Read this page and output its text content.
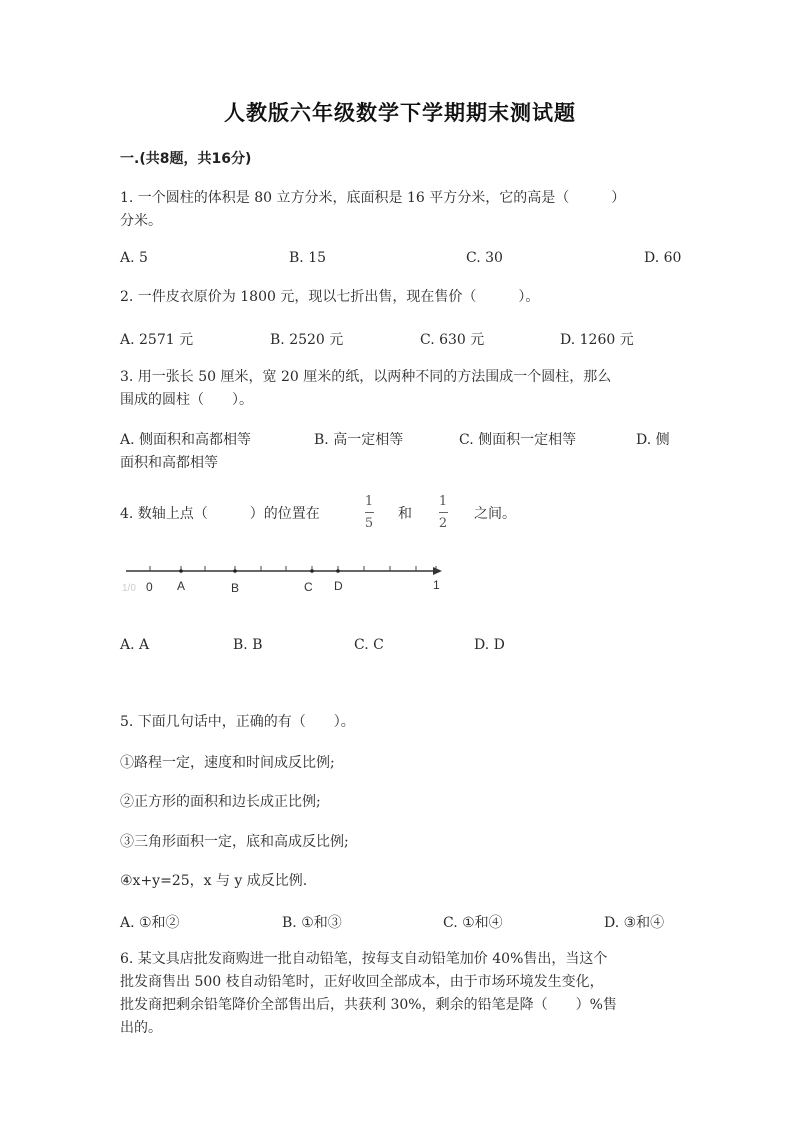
人教版六年级数学下学期期末测试题
一.(共8题，共16分)
1. 一个圆柱的体积是 80 立方分米，底面积是 16 平方分米，它的高是（　　　）
分米。
A. 5	B. 15	C. 30	D. 60
2. 一件皮衣原价为 1800 元，现以七折出售，现在售价（　　　）。
A. 2571 元	B. 2520 元	C. 630 元	D. 1260 元
3. 用一张长 50 厘米，宽 20 厘米的纸，以两种不同的方法围成一个圆柱，那么
围成的圆柱（　　）。
A. 侧面积和高都相等	B. 高一定相等	C. 侧面积一定相等	D. 侧
面积和高都相等
4. 数轴上点（　　　）的位置在
1
5
和
1
2
之间。
1/0 0 A	B	C D	1
A. A	B. B	C. C	D. D
5. 下面几句话中，正确的有（　　）。
①路程一定，速度和时间成反比例;
②正方形的面积和边长成正比例;
③三角形面积一定，底和高成反比例;
④x+y=25，x 与 y 成反比例.
A. ①和②	B. ①和③	C. ①和④	D. ③和④
6. 某文具店批发商购进一批自动铅笔，按每支自动铅笔加价 40%售出，当这个
批发商售出 500 枝自动铅笔时，正好收回全部成本，由于市场环境发生变化，
批发商把剩余铅笔降价全部售出后，共获利 30%，剩余的铅笔是降（　　）%售
出的。
